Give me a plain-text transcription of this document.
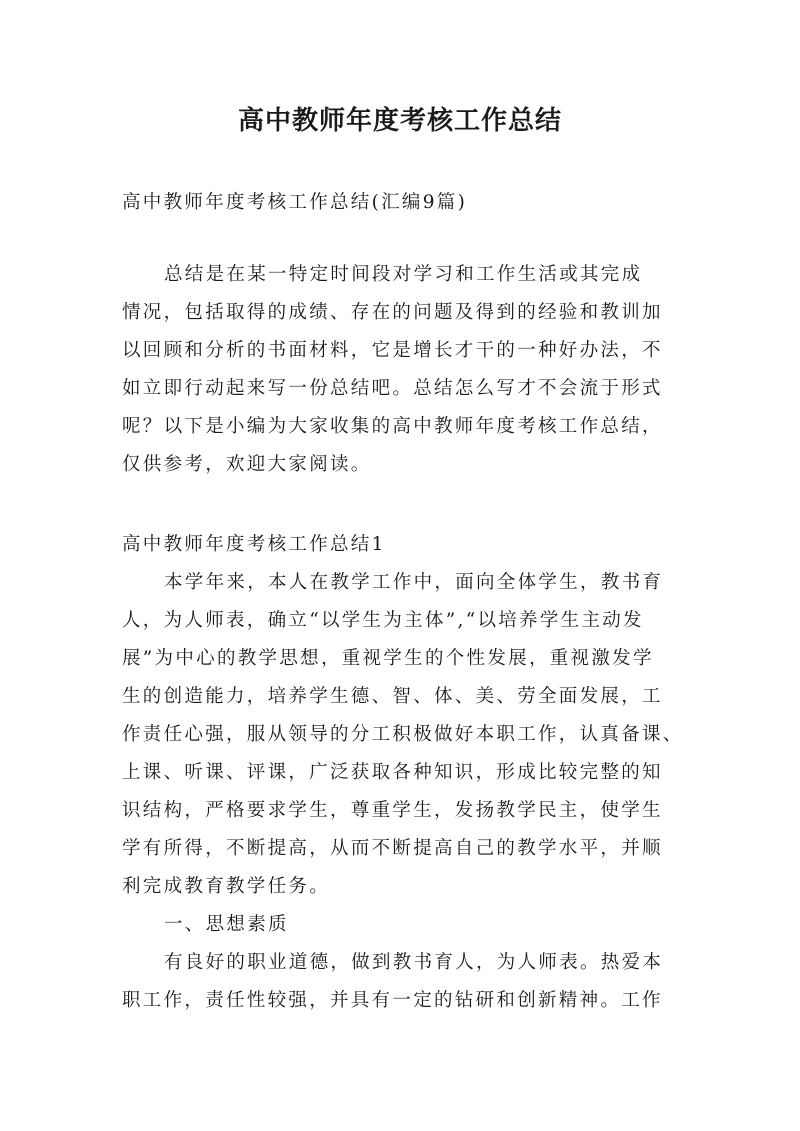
高中教师年度考核工作总结

高中教师年度考核工作总结(汇编9篇)

总结是在某一特定时间段对学习和工作生活或其完成

情况，包括取得的成绩、存在的问题及得到的经验和教训加

以回顾和分析的书面材料，它是增长才干的一种好办法，不

如立即行动起来写一份总结吧。总结怎么写才不会流于形式

呢？以下是小编为大家收集的高中教师年度考核工作总结，

仅供参考，欢迎大家阅读。

高中教师年度考核工作总结1

本学年来，本人在教学工作中，面向全体学生，教书育

人，为人师表，确立“以学生为主体”,“以培养学生主动发

展”为中心的教学思想，重视学生的个性发展，重视激发学

生的创造能力，培养学生德、智、体、美、劳全面发展，工

作责任心强，服从领导的分工积极做好本职工作，认真备课、

上课、听课、评课，广泛获取各种知识，形成比较完整的知

识结构，严格要求学生，尊重学生，发扬教学民主，使学生

学有所得，不断提高，从而不断提高自己的教学水平，并顺

利完成教育教学任务。

一、思想素质

有良好的职业道德，做到教书育人，为人师表。热爱本

职工作，责任性较强，并具有一定的钻研和创新精神。工作
